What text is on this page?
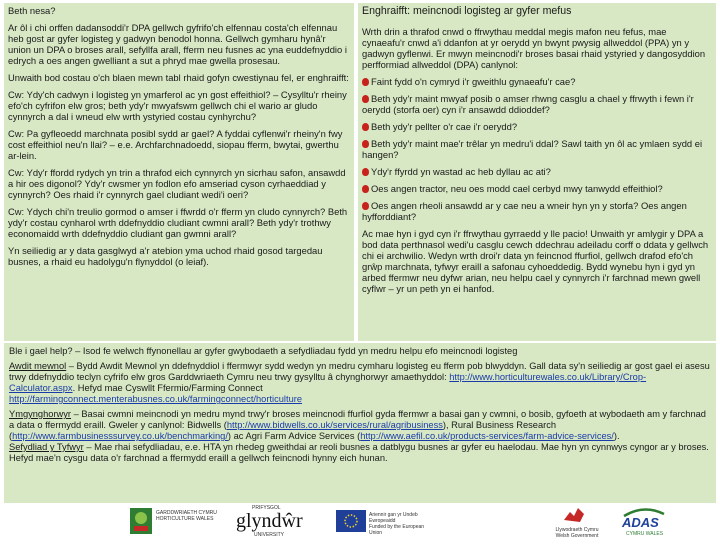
Beth nesa?

Ar ôl i chi orffen dadansoddi'r DPA gellwch gyfrifo'ch elfennau costa'ch elfennau heb gost ar gyfer logisteg y gadwyn benodol honna. Gellwch gymharu hynâ'r union un DPA o broses arall, sefyllfa arall, fferm neu fusnes ac yna euddefnyddio i edrych a oes angen gwelliant a sut a phryd mae gwella prosesau.

Unwaith bod costau o'ch blaen mewn tabl rhaid gofyn cwestiynau fel, er enghraifft:

Cw: Ydy'ch cadwyn i logisteg yn ymarferol ac yn gost effeithiol? – Cysylltu'r rheiny efo'ch cyfrifon elw gros; beth ydy'r mwyafswm gellwch chi el wario ar gludo cynnyrch a dal i wneud elw wrth ystyried costau cynhyrchu?

Cw: Pa gyfleoedd marchnata posibl sydd ar gael? A fyddai cyflenwi'r rheiny'n fwy cost effeithiol neu'n llai? – e.e. Archfarchnadoedd, siopau fferm, bwytai, gwerthu ar-lein.

Cw: Ydy'r ffordd rydych yn trin a thrafod eich cynnyrch yn sicrhau safon, ansawdd a hir oes digonol? Ydy'r cwsmer yn fodlon efo amseriad cyson cyrhaeddiad y cynnyrch? Oes rhaid i'r cynnyrch gael cludiant wedi'i oeri?

Cw: Ydych chi'n treulio gormod o amser i ffwrdd o'r fferm yn cludo cynnyrch? Beth ydy'r costau cynharol wrth ddefnyddio cludiant cwmni arall? Beth ydy'r trothwy economaidd wrth ddefnyddio cludiant gan gwmni arall?

Yn seiliedig ar y data gasglwyd a'r atebion yma uchod rhaid gosod targedau busnes, a rhaid eu hadolygu'n flynyddol (o leiaf).

Enghraifft: meincnodi logisteg ar gyfer mefus

Wrth drin a thrafod cnwd o ffrwythau meddal megis mafon neu fefus, mae cynaeafu'r cnwd a'i ddanfon at yr oerydd yn bwynt pwysig allweddol (PPA) yn y gadwyn gyflenwi. Er mwyn meincnodi'r broses basai rhaid ystyried y dangosyddion perfformiad allweddol (DPA) canlynol:

Faint fydd o'n cymryd i'r gweithlu gynaeafu'r cae?

Beth ydy'r maint mwyaf posib o amser rhwng casglu a chael y ffrwyth i fewn i'r oerydd (storfa oer) cyn i'r ansawdd ddioddef?

Beth ydy'r pellter o'r cae i'r oerydd?

Beth ydy'r maint mae'r trêlar yn medru'i ddal? Sawl taith yn ôl ac ymlaen sydd ei hangen?

Ydy'r ffyrdd yn wastad ac heb dyllau ac ati?

Oes angen tractor, neu oes modd cael cerbyd mwy tanwydd effeithiol?

Oes angen rheoli ansawdd ar y cae neu a wneir hyn yn y storfa? Oes angen hyfforddiant?

Ac mae hyn i gyd cyn i'r ffrwythau gyrraedd y lle pacio! Unwaith yr amlygir y DPA a bod data perthnasol wedi'u casglu cewch ddechrau adeiladu corff o ddata y gellwch chi ei archwilio. Wedyn wrth droi'r data yn feincnod ffurfiol, gellwch drafod efo'ch grŵp marchnata, tyfwyr eraill a safonau cyhoeddedig. Bydd wynebu hyn i gyd yn arbed ffermwr neu dyfwr arian, neu helpu cael y cynnyrch i'r farchnad mewn gwell cyflwr – yr un peth yn ei hanfod.

Ble i gael help? – Isod fe welwch ffynonellau ar gyfer gwybodaeth a sefydliadau fydd yn medru helpu efo meincnodi logisteg

Awdit mewnol – Bydd Awdit Mewnol yn ddefnyddiol i ffermwyr sydd wedyn yn medru cymharu logisteg eu fferm pob blwyddyn. Gall data sy'n seiliedig ar gost gael ei asesu trwy ddefnyddio teclyn cyfrifo elw gros Garddwriaeth Cymru neu trwy gysylltu â chynghorwyr amaethyddol: http://www.horticulturewales.co.uk/Library/Crop-Calculator.aspx. Hefyd mae Cyswllt Ffermio/Farming Connect
http://farmingconnect.menterabusnes.co.uk/farmingconnect/horticulture

Ymgynghorwyr – Basai cwmni meincnodi yn medru mynd trwy'r broses meincnodi ffurfiol gyda ffermwr a basai gan y cwmni, o bosib, gyfoeth at wybodaeth am y farchnad a data o ffermydd eraill. Gweler y canlynol: Bidwells (http://www.bidwells.co.uk/services/rural/agribusiness), Rural Business Research (http://www.farmbusinesssurvey.co.uk/benchmarking/) ac Agri Farm Advice Services (http://www.aefil.co.uk/products-services/farm-advice-services/).

Sefydliad y Tyfwyr – Mae rhai sefydliadau, e.e. HTA yn rhedeg gweithdai ar reoli busnes a datblygu busnes ar gyfer eu haelodau. Mae hyn yn cynnwys cyngor ar y broses. Hefyd mae'n cysgu data o'r farchnad a ffermydd eraill a gellwch feincnodi hynny eich hunan.

GARDDWRIAETH CYMRU
HORTICULTURE WALES
PRIFYSGOL
glyndŵr
UNIVERSITY
Ariennir gan yr Undeb Ewropeaidd
Funded by the European Union	Llywodraeth Cymru
Welsh Government
ADAS
CYMRU WALES
